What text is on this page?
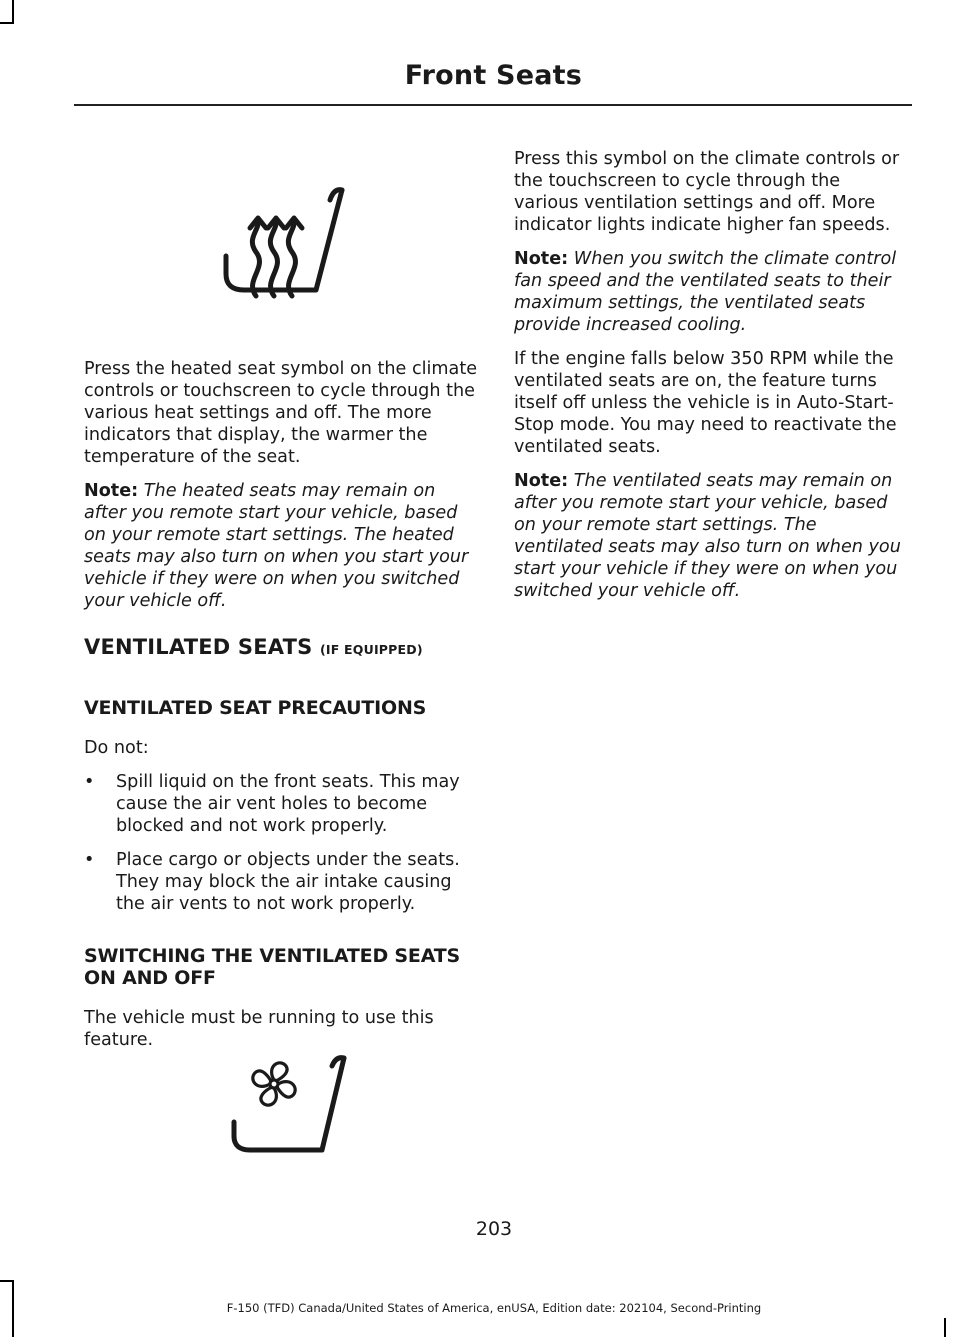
Front Seats

Press the heated seat symbol on the climate controls or touchscreen to cycle through the various heat settings and off. The more indicators that display, the warmer the temperature of the seat.

Note: The heated seats may remain on after you remote start your vehicle, based on your remote start settings. The heated seats may also turn on when you start your vehicle if they were on when you switched your vehicle off.

VENTILATED SEATS (IF EQUIPPED)
VENTILATED SEAT PRECAUTIONS

Do not:

• Spill liquid on the front seats. This may cause the air vent holes to become blocked and not work properly.
• Place cargo or objects under the seats. They may block the air intake causing the air vents to not work properly.
SWITCHING THE VENTILATED SEATS ON AND OFF

The vehicle must be running to use this feature.

Press this symbol on the climate controls or the touchscreen to cycle through the various ventilation settings and off. More indicator lights indicate higher fan speeds.

Note: When you switch the climate control fan speed and the ventilated seats to their maximum settings, the ventilated seats provide increased cooling.

If the engine falls below 350 RPM while the ventilated seats are on, the feature turns itself off unless the vehicle is in Auto-Start-Stop mode. You may need to reactivate the ventilated seats.

Note: The ventilated seats may remain on after you remote start your vehicle, based on your remote start settings. The ventilated seats may also turn on when you start your vehicle if they were on when you switched your vehicle off.

203
F-150 (TFD) Canada/United States of America, enUSA, Edition date: 202104, Second-Printing
